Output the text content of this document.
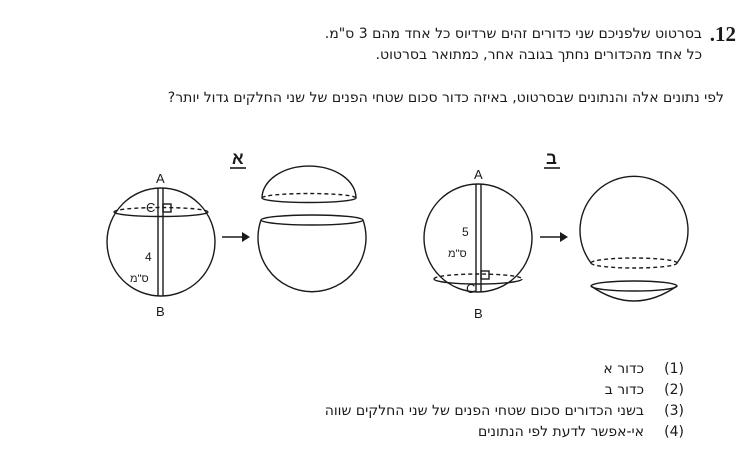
.12
בסרטוט שלפניכם שני כדורים זהים שרדיוס כל אחד מהם 3 ס"מ.
כל אחד מהכדורים נחתך בגובה אחר, כמתואר בסרטוט.
לפי נתונים אלה והנתונים שבסרטוט, באיזה כדור סכום שטחי הפנים של שני החלקים גדול יותר?
A
B
C
4
ס"מ
א
A
B
C
5
ס"מ
ב
(1)
כדור א
(2)
כדור ב
(3)
בשני הכדורים סכום שטחי הפנים של שני החלקים שווה
(4)
אי-אפשר לדעת לפי הנתונים
